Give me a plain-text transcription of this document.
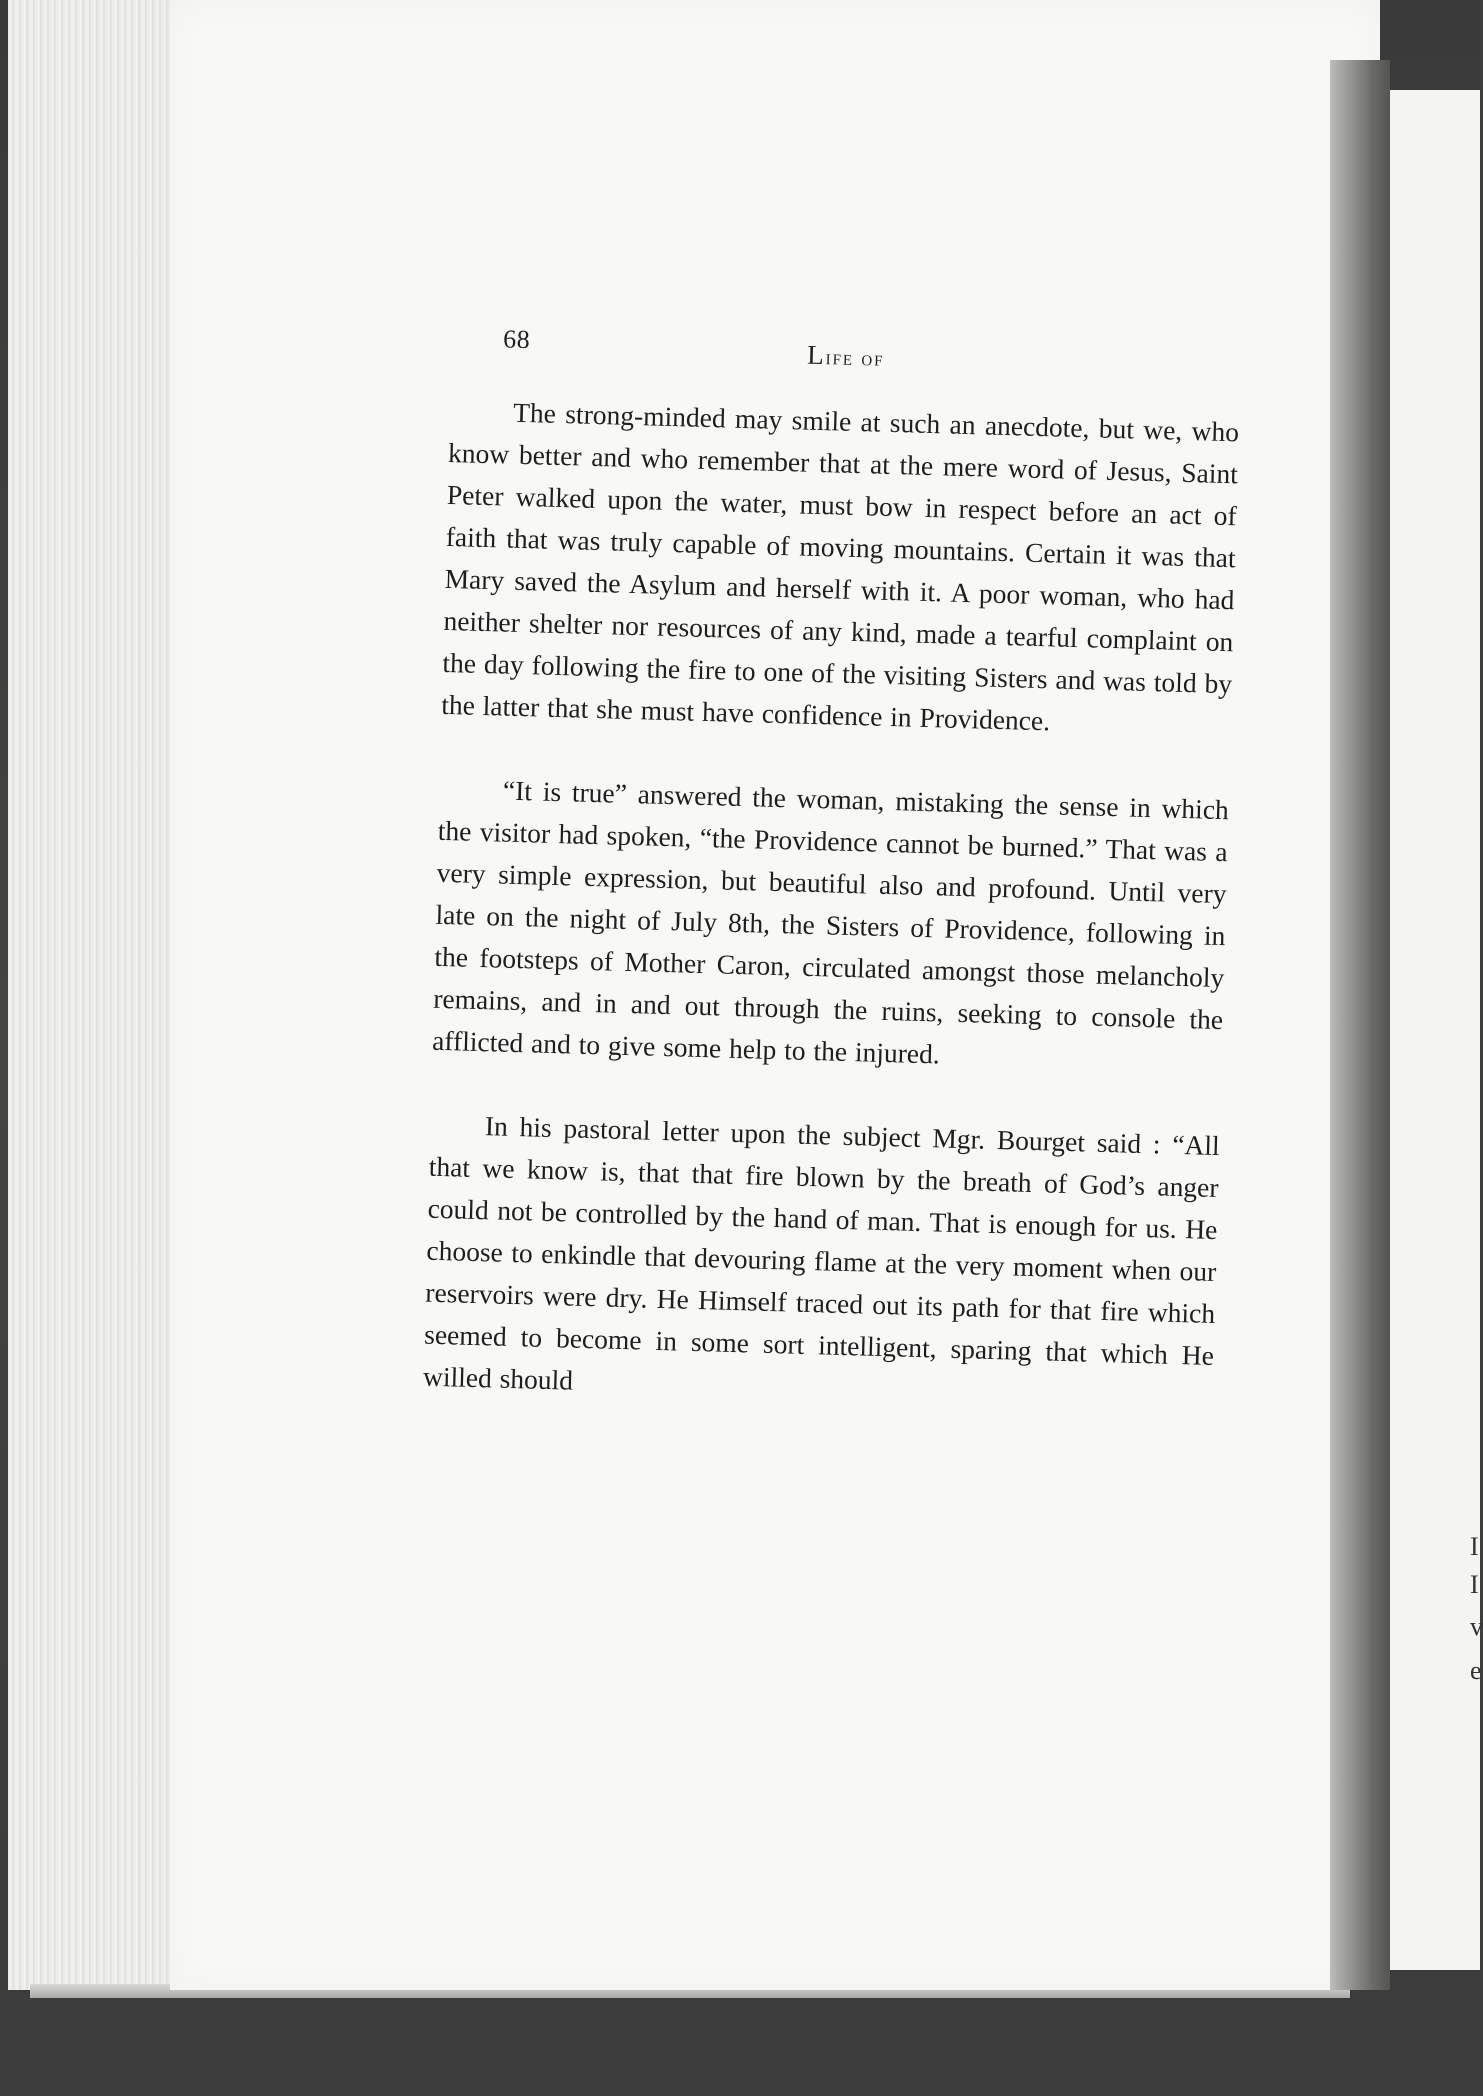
I
I
v
e
68
Life of

The strong-minded may smile at such an anecdote, but we, who know better and who remember that at the mere word of Jesus, Saint Peter walked upon the water, must bow in respect before an act of faith that was truly capable of moving mountains. Certain it was that Mary saved the Asylum and herself with it. A poor woman, who had neither shelter nor resources of any kind, made a tearful complaint on the day following the fire to one of the visiting Sisters and was told by the latter that she must have confidence in Providence.

“It is true” answered the woman, mistaking the sense in which the visitor had spoken, “the Providence cannot be burned.” That was a very simple expression, but beautiful also and profound. Until very late on the night of July 8th, the Sisters of Providence, following in the footsteps of Mother Caron, circulated amongst those melancholy remains, and in and out through the ruins, seeking to console the afflicted and to give some help to the injured.

In his pastoral letter upon the subject Mgr. Bourget said : “All that we know is, that that fire blown by the breath of God’s anger could not be controlled by the hand of man. That is enough for us. He choose to enkindle that devouring flame at the very moment when our reservoirs were dry. He Himself traced out its path for that fire which seemed to become in some sort intelligent, sparing that which He willed should
